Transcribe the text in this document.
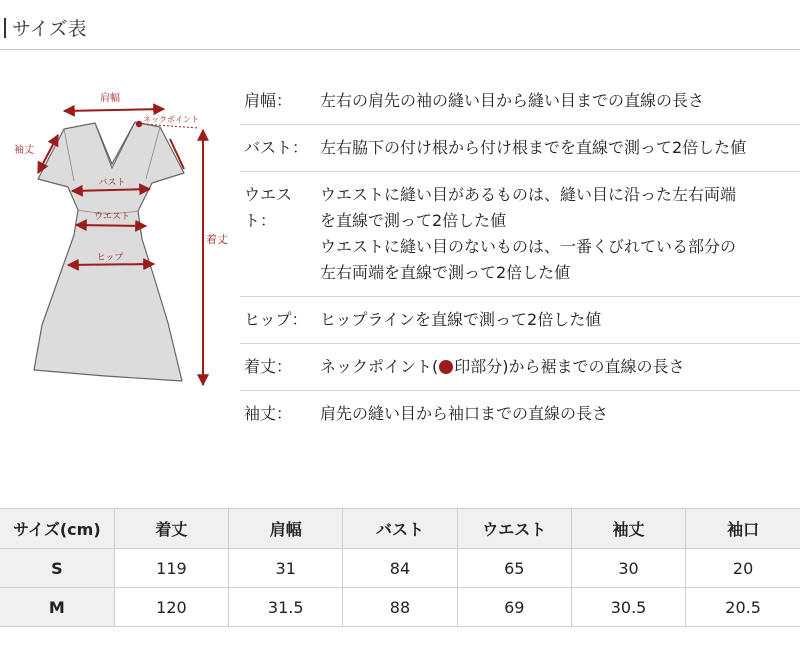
サイズ表
肩幅
ネックポイント
袖丈
バスト
ウエスト
ヒップ
着丈
肩幅：	左右の肩先の袖の縫い目から縫い目までの直線の長さ
バスト： 左右脇下の付け根から付け根までを直線で測って2倍した値
ウエスト：
ウエストに縫い目があるものは、縫い目に沿った左右両端
を直線で測って2倍した値
ウエストに縫い目のないものは、一番くびれている部分の
左右両端を直線で測って2倍した値
ヒップ： ヒップラインを直線で測って2倍した値
着丈：	ネックポイント( 印部分)から裾までの直線の長さ
袖丈：	肩先の縫い目から袖口までの直線の長さ
サイズ(cm)	着丈	肩幅	バスト	ウエスト	袖丈	袖口
S	119	31	84	65	30	20
M	120	31.5	88	69	30.5	20.5
